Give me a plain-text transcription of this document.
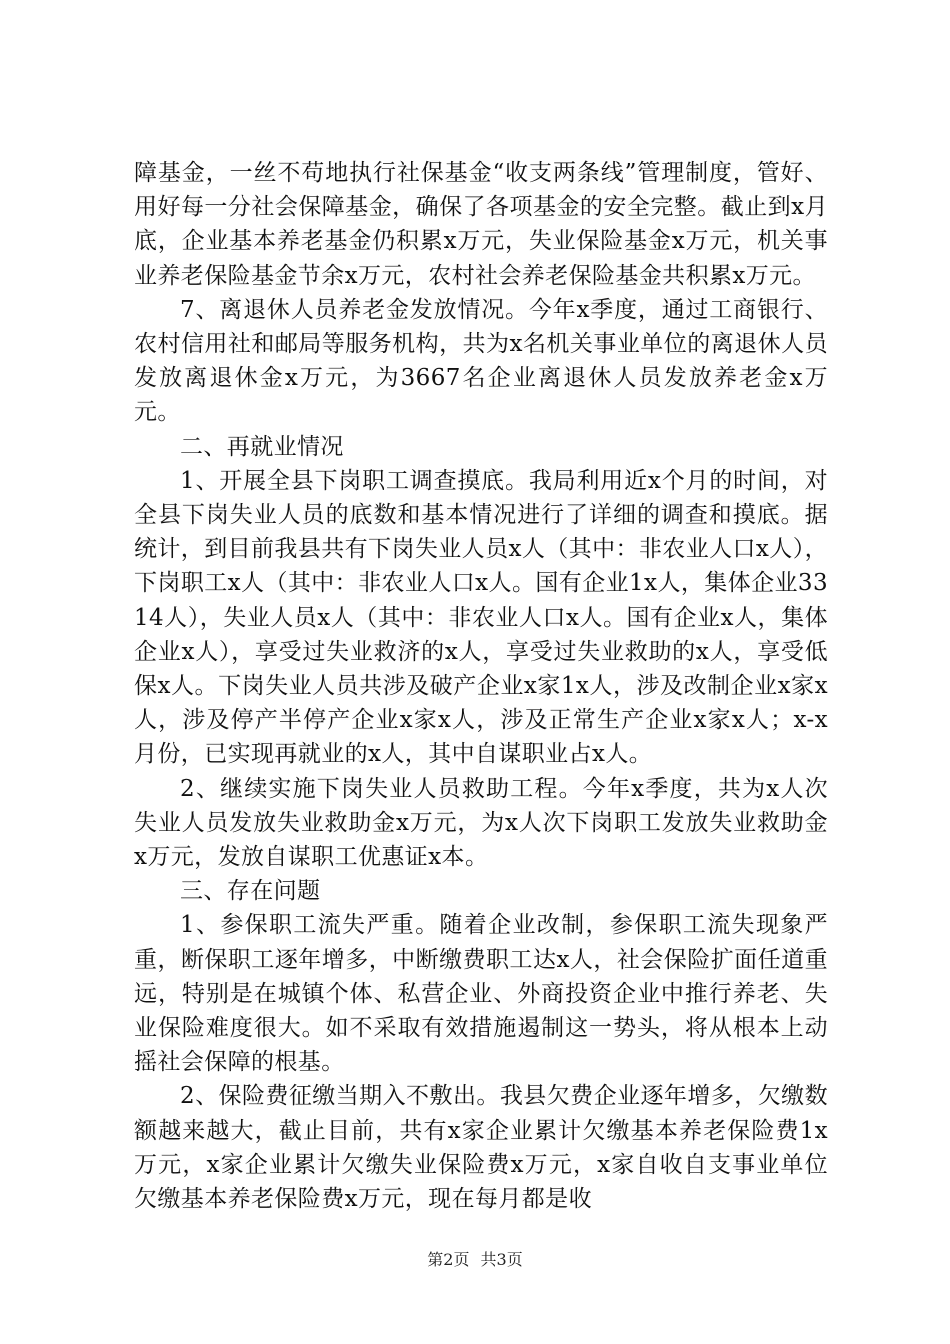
障基金，一丝不苟地执行社保基金“收支两条线”管理制度，管好、用好每一分社会保障基金，确保了各项基金的安全完整。截止到x月底，企业基本养老基金仍积累x万元，失业保险基金x万元，机关事业养老保险基金节余x万元，农村社会养老保险基金共积累x万元。

7、离退休人员养老金发放情况。今年x季度，通过工商银行、农村信用社和邮局等服务机构，共为x名机关事业单位的离退休人员发放离退休金x万元，为3667名企业离退休人员发放养老金x万元。

二、再就业情况

1、开展全县下岗职工调查摸底。我局利用近x个月的时间，对全县下岗失业人员的底数和基本情况进行了详细的调查和摸底。据统计，到目前我县共有下岗失业人员x人（其中：非农业人口x人），下岗职工x人（其中：非农业人口x人。国有企业1x人，集体企业3314人），失业人员x人（其中：非农业人口x人。国有企业x人，集体企业x人），享受过失业救济的x人，享受过失业救助的x人，享受低保x人。下岗失业人员共涉及破产企业x家1x人，涉及改制企业x家x人，涉及停产半停产企业x家x人，涉及正常生产企业x家x人；x-x月份，已实现再就业的x人，其中自谋职业占x人。

2、继续实施下岗失业人员救助工程。今年x季度，共为x人次失业人员发放失业救助金x万元，为x人次下岗职工发放失业救助金x万元，发放自谋职工优惠证x本。

三、存在问题

1、参保职工流失严重。随着企业改制，参保职工流失现象严重，断保职工逐年增多，中断缴费职工达x人，社会保险扩面任道重远，特别是在城镇个体、私营企业、外商投资企业中推行养老、失业保险难度很大。如不采取有效措施遏制这一势头，将从根本上动摇社会保障的根基。

2、保险费征缴当期入不敷出。我县欠费企业逐年增多，欠缴数额越来越大，截止目前，共有x家企业累计欠缴基本养老保险费1x万元，x家企业累计欠缴失业保险费x万元，x家自收自支事业单位欠缴基本养老保险费x万元，现在每月都是收

第2页 共3页
